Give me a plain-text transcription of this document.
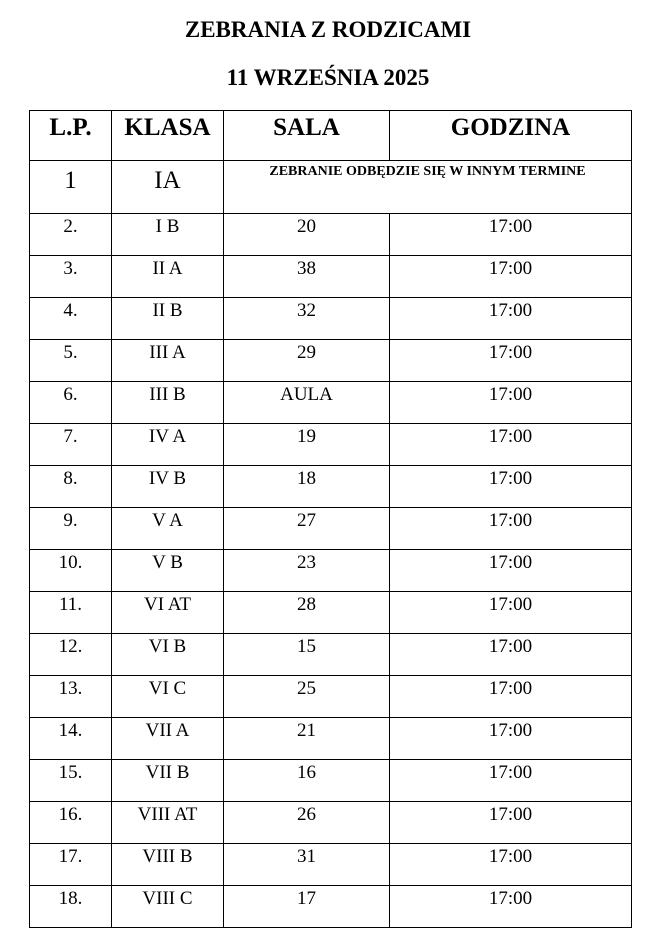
ZEBRANIA Z RODZICAMI
11 WRZEŚNIA 2025
L.P.	KLASA	SALA	GODZINA
1	IA	ZEBRANIE ODBĘDZIE SIĘ W INNYM TERMINE	
2.	I B	20	17:00
3.	II A	38	17:00
4.	II B	32	17:00
5.	III A	29	17:00
6.	III B	AULA	17:00
7.	IV A	19	17:00
8.	IV B	18	17:00
9.	V A	27	17:00
10.	V B	23	17:00
11.	VI AT	28	17:00
12.	VI B	15	17:00
13.	VI C	25	17:00
14.	VII A	21	17:00
15.	VII B	16	17:00
16.	VIII AT	26	17:00
17.	VIII B	31	17:00
18.	VIII C	17	17:00
